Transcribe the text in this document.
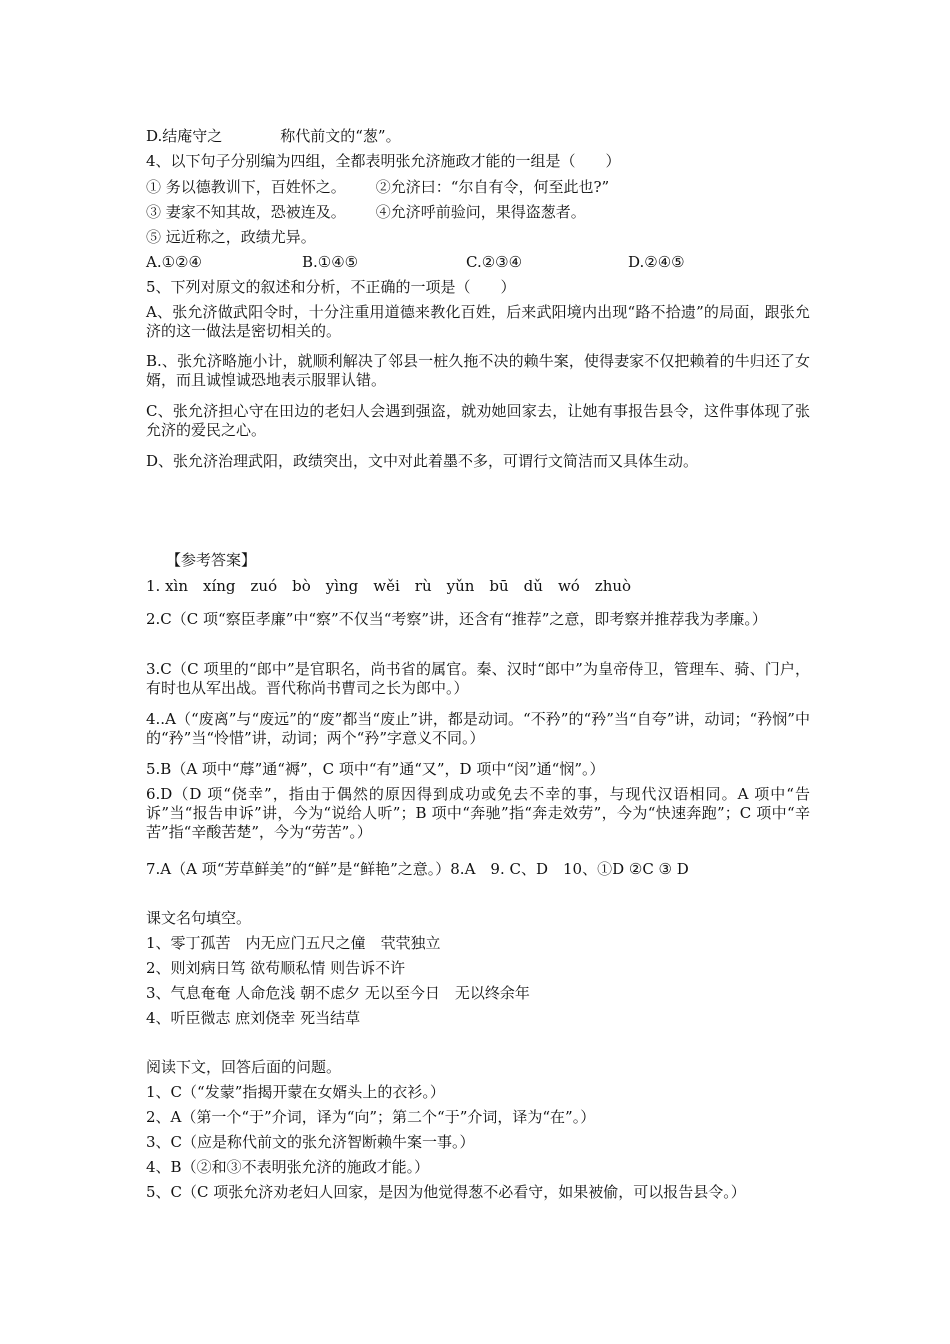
D.结庵守之	称代前文的“葱”。
4、以下句子分别编为四组，全都表明张允济施政才能的一组是（　　）
① 务以德教训下，百姓怀之。 ②允济曰：“尔自有令，何至此也?”
③ 妻家不知其故，恐被连及。 ④允济呼前验问，果得盗葱者。
⑤ 远近称之，政绩尤异。
A.①②④	B.①④⑤	C.②③④	D.②④⑤
5、下列对原文的叙述和分析，不正确的一项是（　　）
A、张允济做武阳令时，十分注重用道德来教化百姓，后来武阳境内出现“路不拾遗”的局面，跟张允济的这一做法是密切相关的。
B.、张允济略施小计，就顺利解决了邻县一桩久拖不决的赖牛案，使得妻家不仅把赖着的牛归还了女婿，而且诚惶诚恐地表示服罪认错。
C、张允济担心守在田边的老妇人会遇到强盗，就劝她回家去，让她有事报告县令，这件事体现了张允济的爱民之心。
D、张允济治理武阳，政绩突出，文中对此着墨不多，可谓行文简洁而又具体生动。
【参考答案】
1. xìn　xíng　zuó　bò　yìng　wěi　rù　yǔn　bū　dǔ　wó　zhuò
2.C（C 项“察臣孝廉”中“察”不仅当“考察”讲，还含有“推荐”之意，即考察并推荐我为孝廉。）
3.C（C 项里的“郎中”是官职名，尚书省的属官。秦、汉时“郎中”为皇帝侍卫，管理车、骑、门户，有时也从军出战。晋代称尚书曹司之长为郎中。）
4..A（“废离”与“废远”的“废”都当“废止”讲，都是动词。“不矜”的“矜”当“自夸”讲，动词；“矜悯”中的“矜”当“怜惜”讲，动词；两个“矜”字意义不同。）
5.B（A 项中“蓐”通“褥”，C 项中“有”通“又”，D 项中“闵”通“悯”。）
6.D（D 项“侥幸”，指由于偶然的原因得到成功或免去不幸的事，与现代汉语相同。A 项中“告诉”当“报告申诉”讲，今为“说给人听”；B 项中“奔驰”指“奔走效劳”，今为“快速奔跑”；C 项中“辛苦”指“辛酸苦楚”，今为“劳苦”。）
7.A（A 项“芳草鲜美”的“鲜”是“鲜艳”之意。）8.A　9. C、D　10、①D ②C ③ D
课文名句填空。
1、零丁孤苦　内无应门五尺之僮　茕茕独立
2、则刘病日笃 欲苟顺私情 则告诉不许
3、气息奄奄 人命危浅 朝不虑夕 无以至今日　无以终余年
4、听臣微志 庶刘侥幸 死当结草
阅读下文，回答后面的问题。
1、C（“发蒙”指揭开蒙在女婿头上的衣衫。）
2、A（第一个“于”介词，译为“向”；第二个“于”介词，译为“在”。）
3、C（应是称代前文的张允济智断赖牛案一事。）
4、B（②和③不表明张允济的施政才能。）
5、C（C 项张允济劝老妇人回家，是因为他觉得葱不必看守，如果被偷，可以报告县令。）
